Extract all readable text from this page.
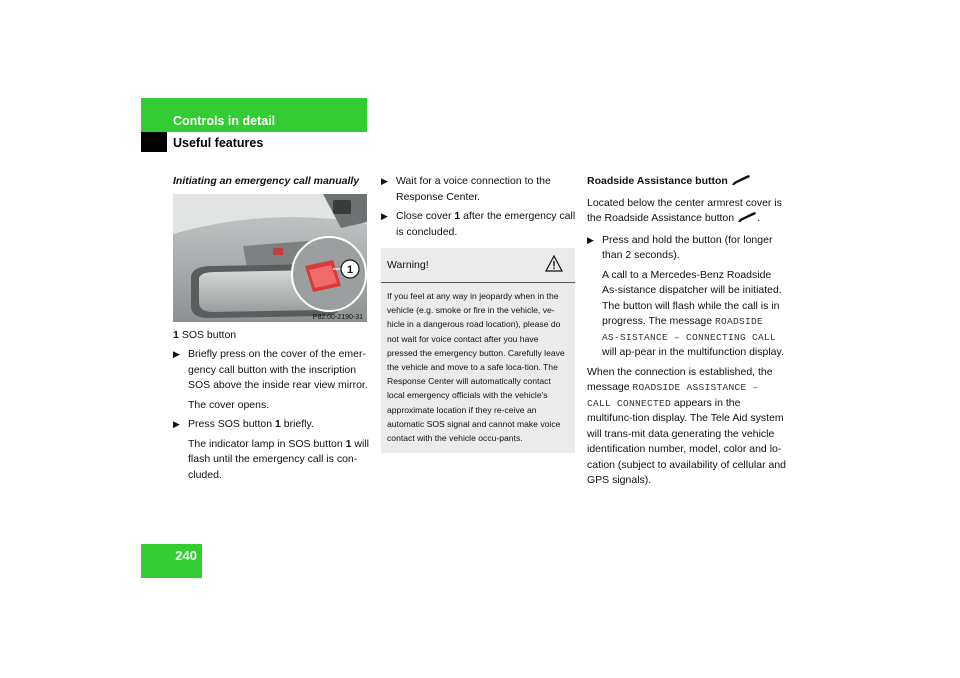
Controls in detail
Useful features
Initiating an emergency call manually
1
P82.00-2190-31
1 SOS button
▶ Briefly press on the cover of the emer-gency call button with the inscription SOS above the inside rear view mirror.
The cover opens.
▶ Press SOS button 1 briefly.
The indicator lamp in SOS button 1 will flash until the emergency call is con-cluded.
▶ Wait for a voice connection to the Response Center.
▶ Close cover 1 after the emergency call is concluded.
Warning!
If you feel at any way in jeopardy when in the vehicle (e.g. smoke or fire in the vehicle, ve-hicle in a dangerous road location), please do not wait for voice contact after you have pressed the emergency button. Carefully leave the vehicle and move to a safe loca-tion. The Response Center will automatically contact local emergency officials with the vehicle's approximate location if they re-ceive an automatic SOS signal and cannot make voice contact with the vehicle occu-pants.
Roadside Assistance button
Located below the center armrest cover is the Roadside Assistance button .
▶ Press and hold the button (for longer than 2 seconds).
A call to a Mercedes-Benz Roadside As-sistance dispatcher will be initiated. The button will flash while the call is in progress. The message ROADSIDE AS-SISTANCE – CONNECTING CALL will ap-pear in the multifunction display.
When the connection is established, the message ROADSIDE ASSISTANCE – CALL CONNECTED appears in the multifunc-tion display. The Tele Aid system will trans-mit data generating the vehicle identification number, model, color and lo-cation (subject to availability of cellular and GPS signals).
240
